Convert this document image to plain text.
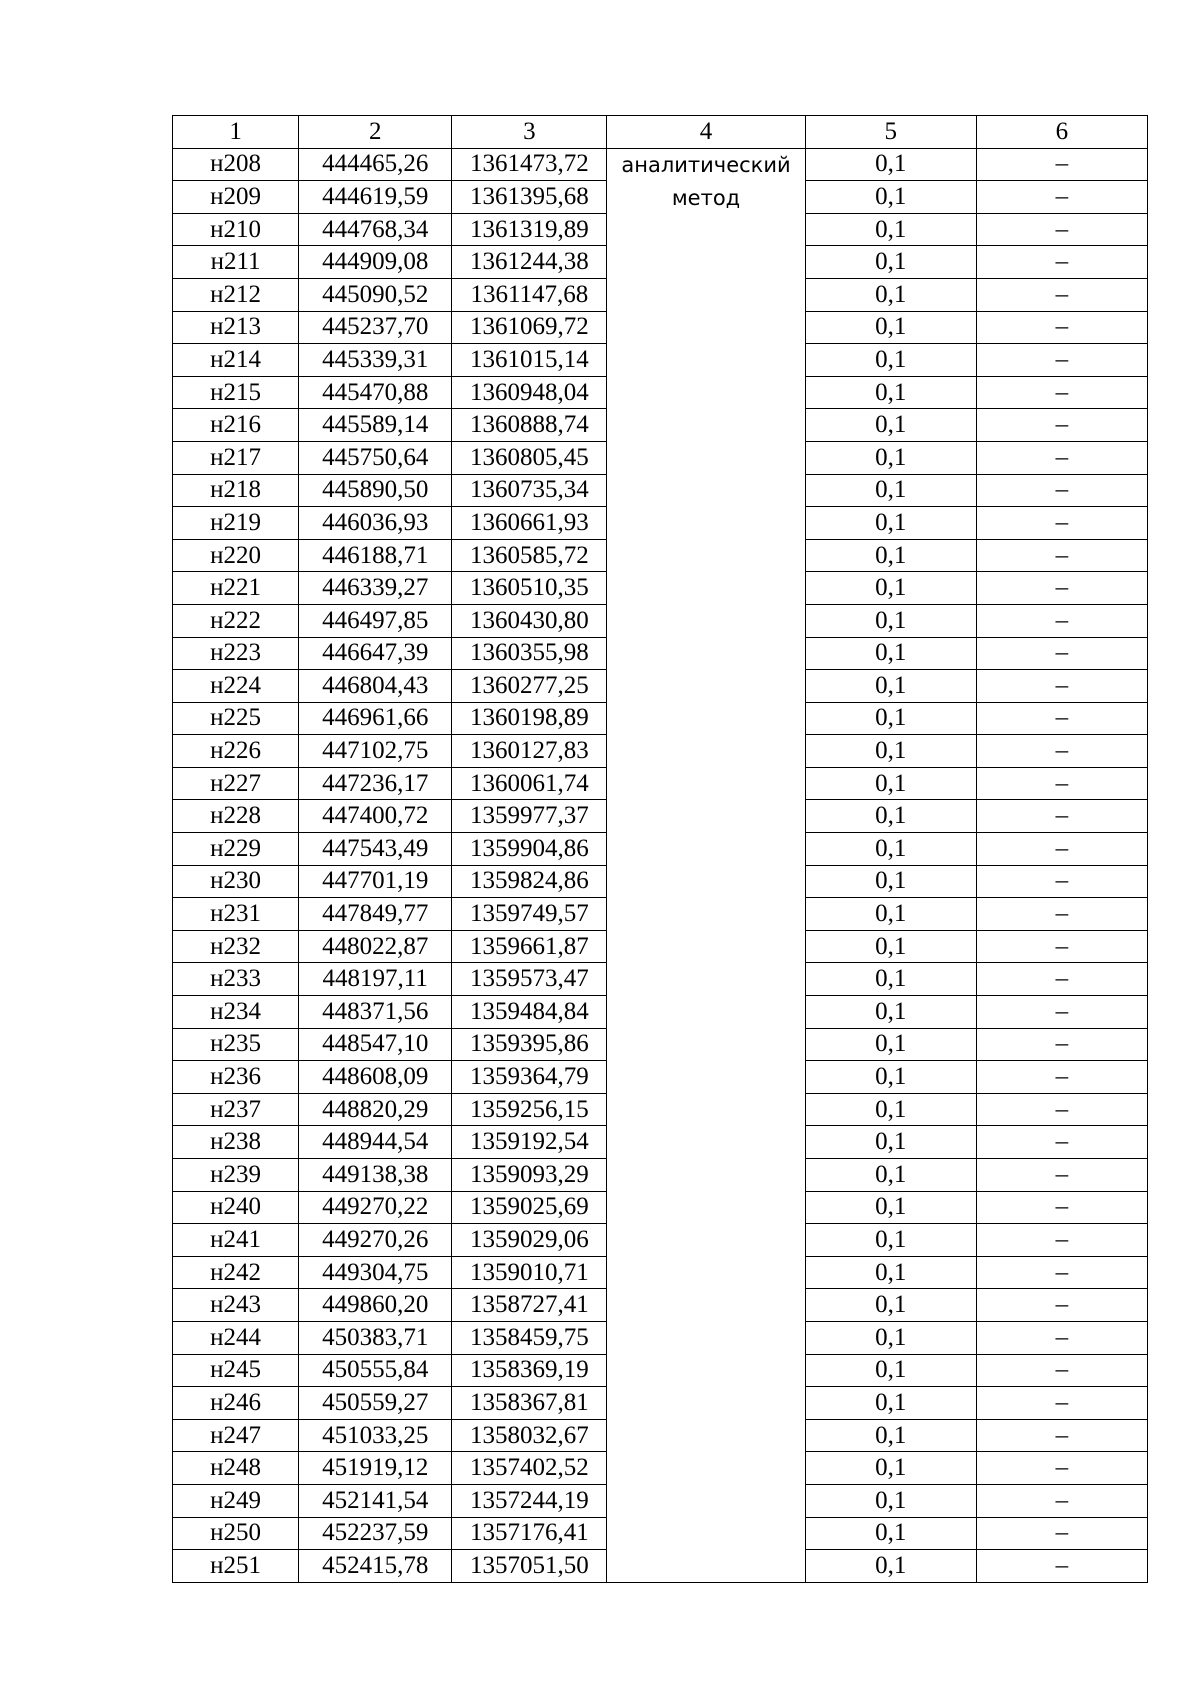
1	2	3	4	5	6
н208	444465,26	1361473,72	аналитический метод	0,1	–
н209	444619,59	1361395,68		0,1	–
н210	444768,34	1361319,89		0,1	–
н211	444909,08	1361244,38		0,1	–
н212	445090,52	1361147,68		0,1	–
н213	445237,70	1361069,72		0,1	–
н214	445339,31	1361015,14		0,1	–
н215	445470,88	1360948,04		0,1	–
н216	445589,14	1360888,74		0,1	–
н217	445750,64	1360805,45		0,1	–
н218	445890,50	1360735,34		0,1	–
н219	446036,93	1360661,93		0,1	–
н220	446188,71	1360585,72		0,1	–
н221	446339,27	1360510,35		0,1	–
н222	446497,85	1360430,80		0,1	–
н223	446647,39	1360355,98		0,1	–
н224	446804,43	1360277,25		0,1	–
н225	446961,66	1360198,89		0,1	–
н226	447102,75	1360127,83		0,1	–
н227	447236,17	1360061,74		0,1	–
н228	447400,72	1359977,37		0,1	–
н229	447543,49	1359904,86		0,1	–
н230	447701,19	1359824,86		0,1	–
н231	447849,77	1359749,57		0,1	–
н232	448022,87	1359661,87		0,1	–
н233	448197,11	1359573,47		0,1	–
н234	448371,56	1359484,84		0,1	–
н235	448547,10	1359395,86		0,1	–
н236	448608,09	1359364,79		0,1	–
н237	448820,29	1359256,15		0,1	–
н238	448944,54	1359192,54		0,1	–
н239	449138,38	1359093,29		0,1	–
н240	449270,22	1359025,69		0,1	–
н241	449270,26	1359029,06		0,1	–
н242	449304,75	1359010,71		0,1	–
н243	449860,20	1358727,41		0,1	–
н244	450383,71	1358459,75		0,1	–
н245	450555,84	1358369,19		0,1	–
н246	450559,27	1358367,81		0,1	–
н247	451033,25	1358032,67		0,1	–
н248	451919,12	1357402,52		0,1	–
н249	452141,54	1357244,19		0,1	–
н250	452237,59	1357176,41		0,1	–
н251	452415,78	1357051,50		0,1	–
